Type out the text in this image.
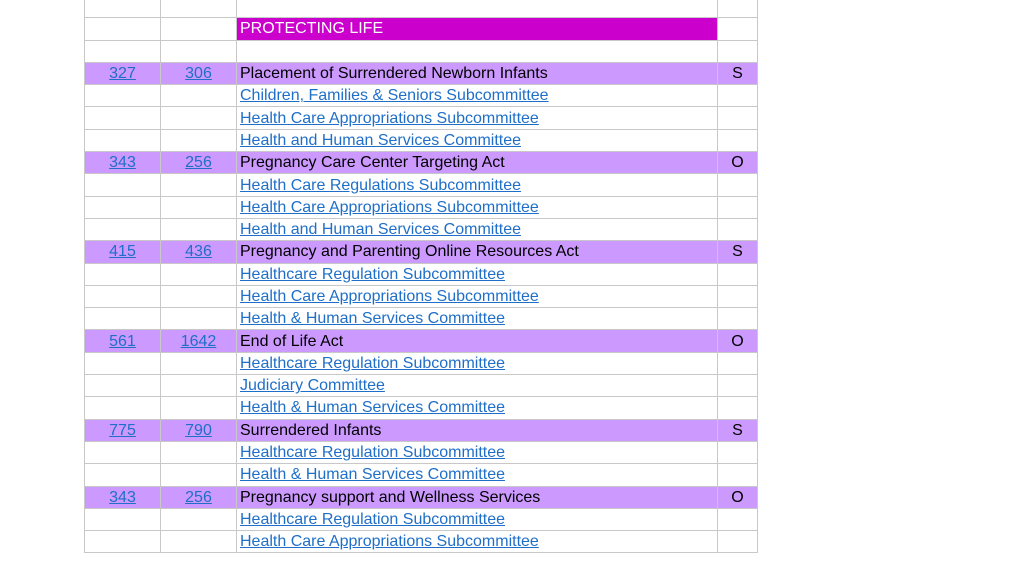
		PROTECTING LIFE	

327	306	Placement of Surrendered Newborn Infants	S
		Children, Families & Seniors Subcommittee	
		Health Care Appropriations Subcommittee	
		Health and Human Services Committee	
343	256	Pregnancy Care Center Targeting Act	O
		Health Care Regulations Subcommittee	
		Health Care Appropriations Subcommittee	
		Health and Human Services Committee	
415	436	Pregnancy and Parenting Online Resources Act	S
		Healthcare Regulation Subcommittee	
		Health Care Appropriations Subcommittee	
		Health & Human Services Committee	
561	1642	End of Life Act	O
		Healthcare Regulation Subcommittee	
		Judiciary Committee	
		Health & Human Services Committee	
775	790	Surrendered Infants	S
		Healthcare Regulation Subcommittee	
		Health & Human Services Committee	
343	256	Pregnancy support and Wellness Services	O
		Healthcare Regulation Subcommittee	
		Health Care Appropriations Subcommittee	
